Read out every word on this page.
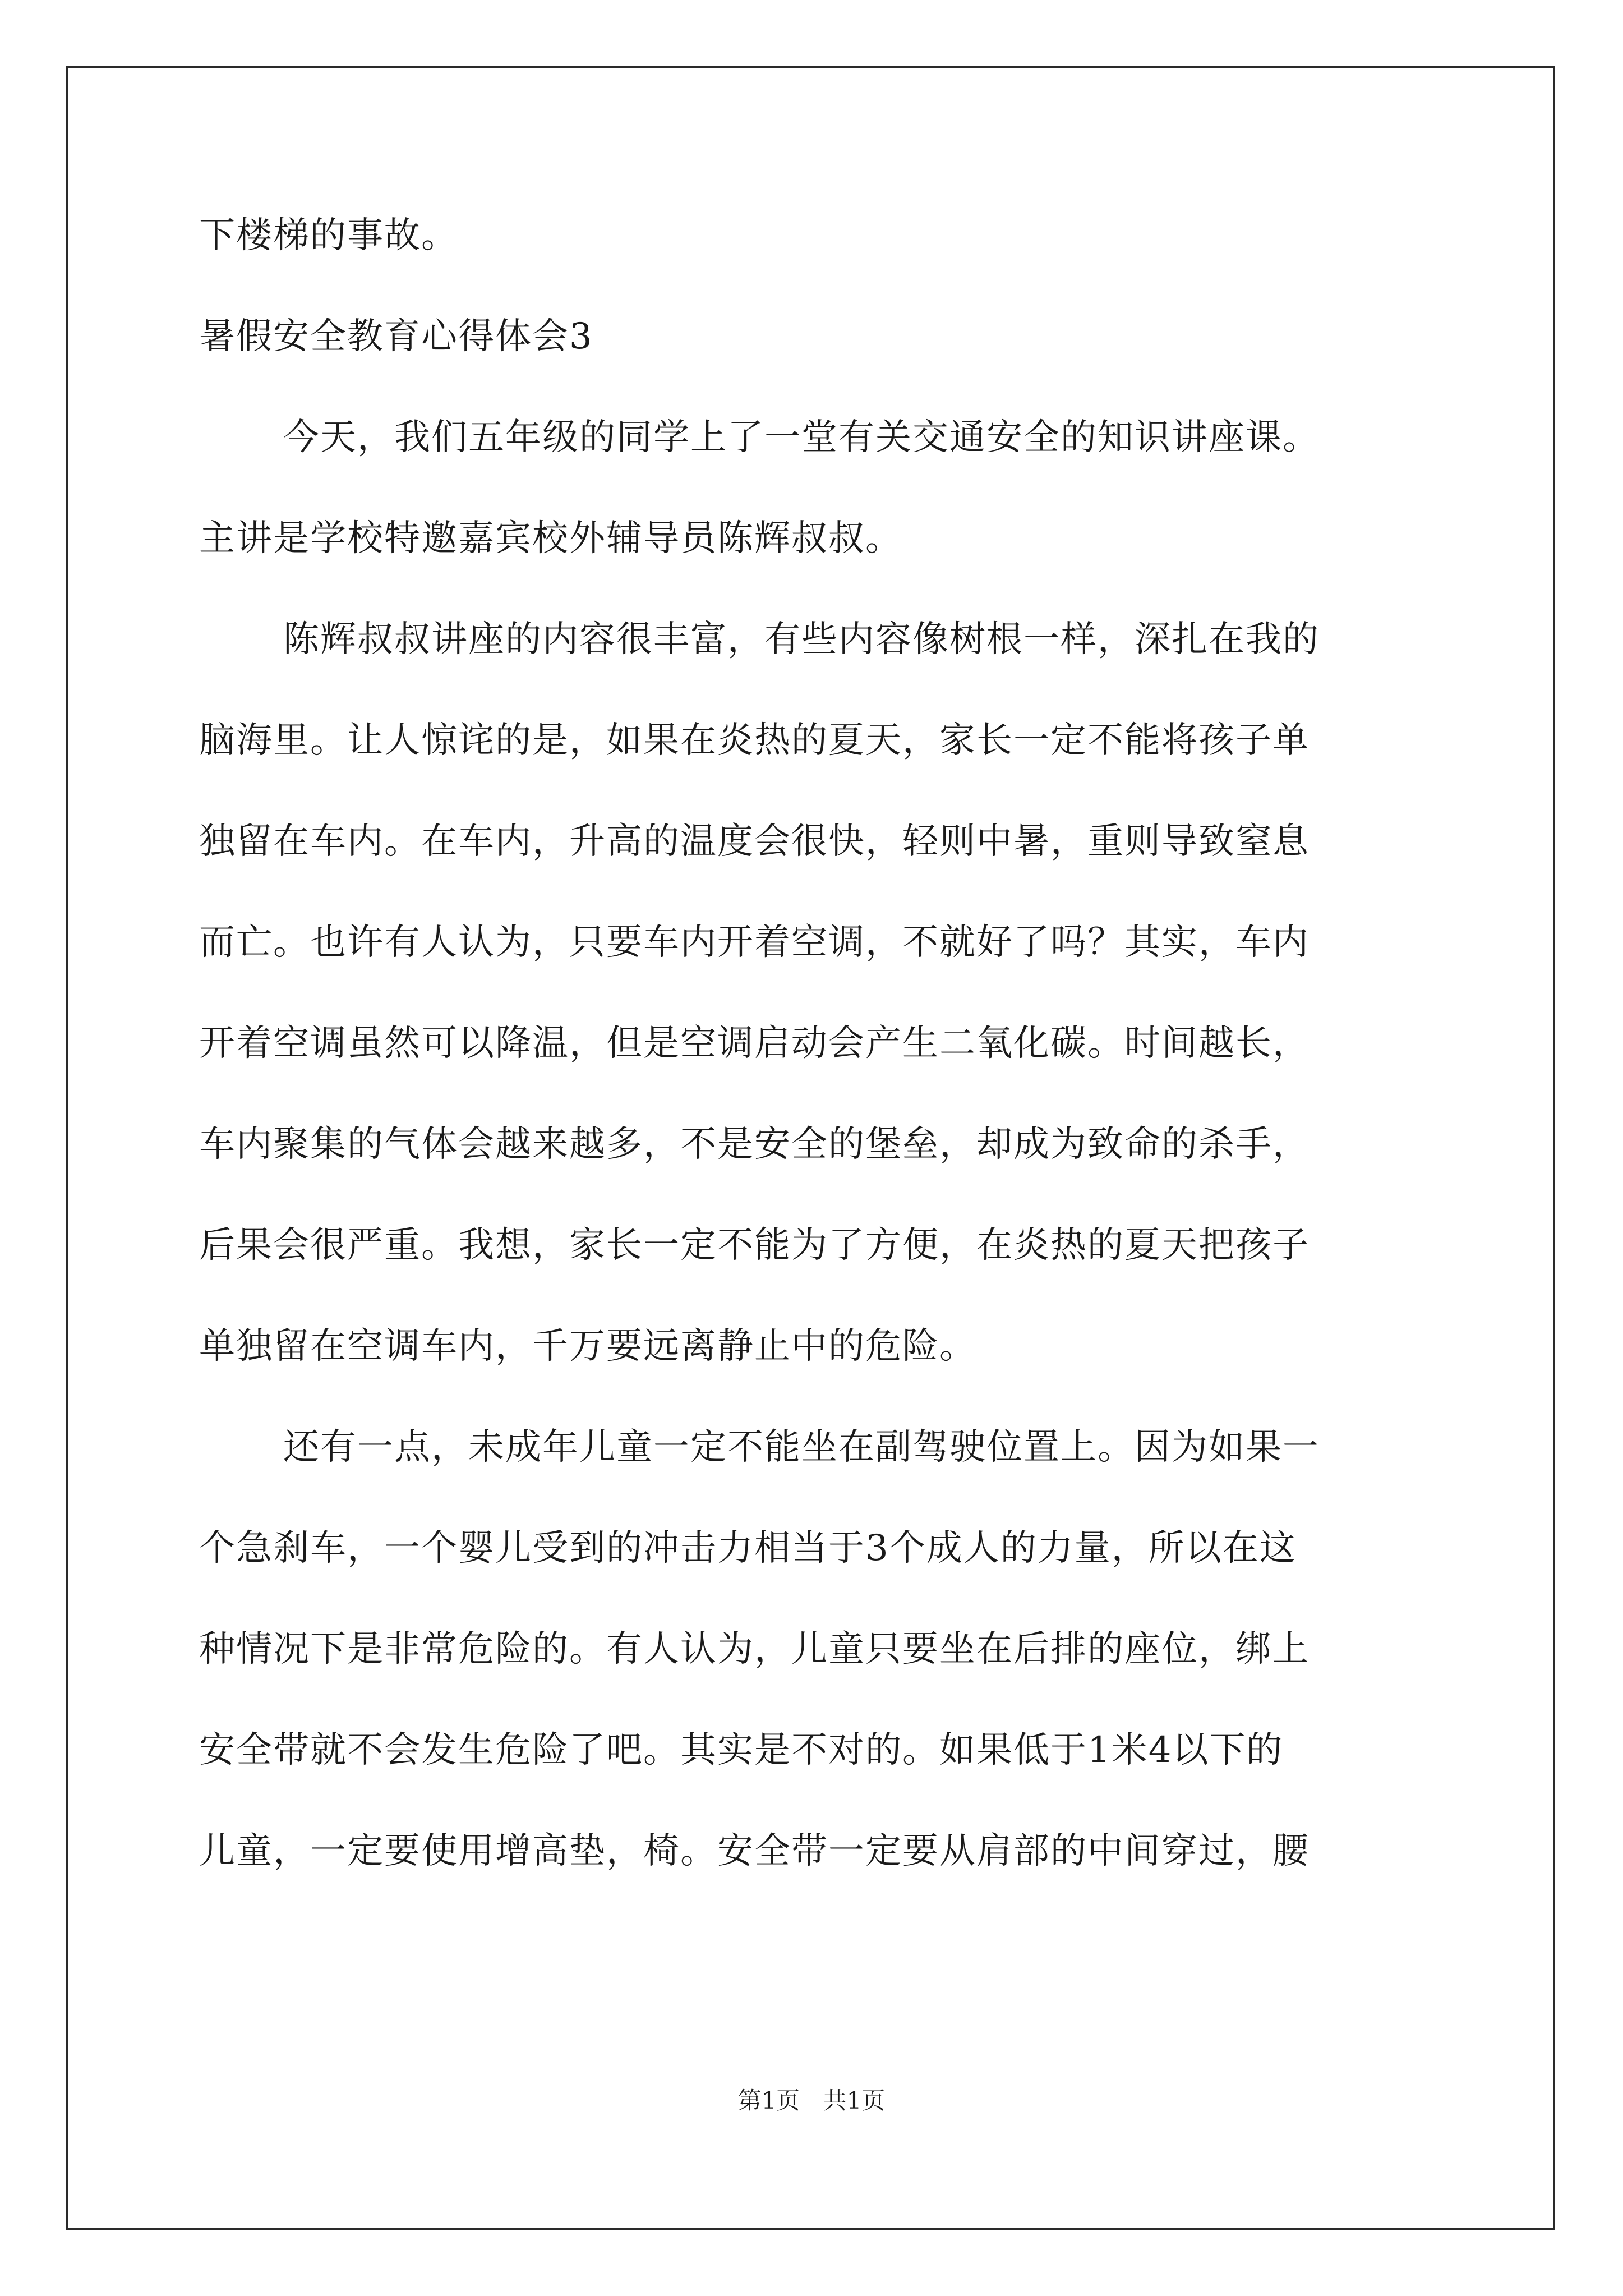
下楼梯的事故。
暑假安全教育心得体会3
今天，我们五年级的同学上了一堂有关交通安全的知识讲座课。
主讲是学校特邀嘉宾校外辅导员陈辉叔叔。
陈辉叔叔讲座的内容很丰富，有些内容像树根一样，深扎在我的
脑海里。让人惊诧的是，如果在炎热的夏天，家长一定不能将孩子单
独留在车内。在车内，升高的温度会很快，轻则中暑，重则导致窒息
而亡。也许有人认为，只要车内开着空调，不就好了吗？其实，车内
开着空调虽然可以降温，但是空调启动会产生二氧化碳。时间越长，
车内聚集的气体会越来越多，不是安全的堡垒，却成为致命的杀手，
后果会很严重。我想，家长一定不能为了方便，在炎热的夏天把孩子
单独留在空调车内，千万要远离静止中的危险。
还有一点，未成年儿童一定不能坐在副驾驶位置上。因为如果一
个急刹车，一个婴儿受到的冲击力相当于3个成人的力量，所以在这
种情况下是非常危险的。有人认为，儿童只要坐在后排的座位，绑上
安全带就不会发生危险了吧。其实是不对的。如果低于1米4以下的
儿童，一定要使用增高垫，椅。安全带一定要从肩部的中间穿过，腰
第1页 共1页
